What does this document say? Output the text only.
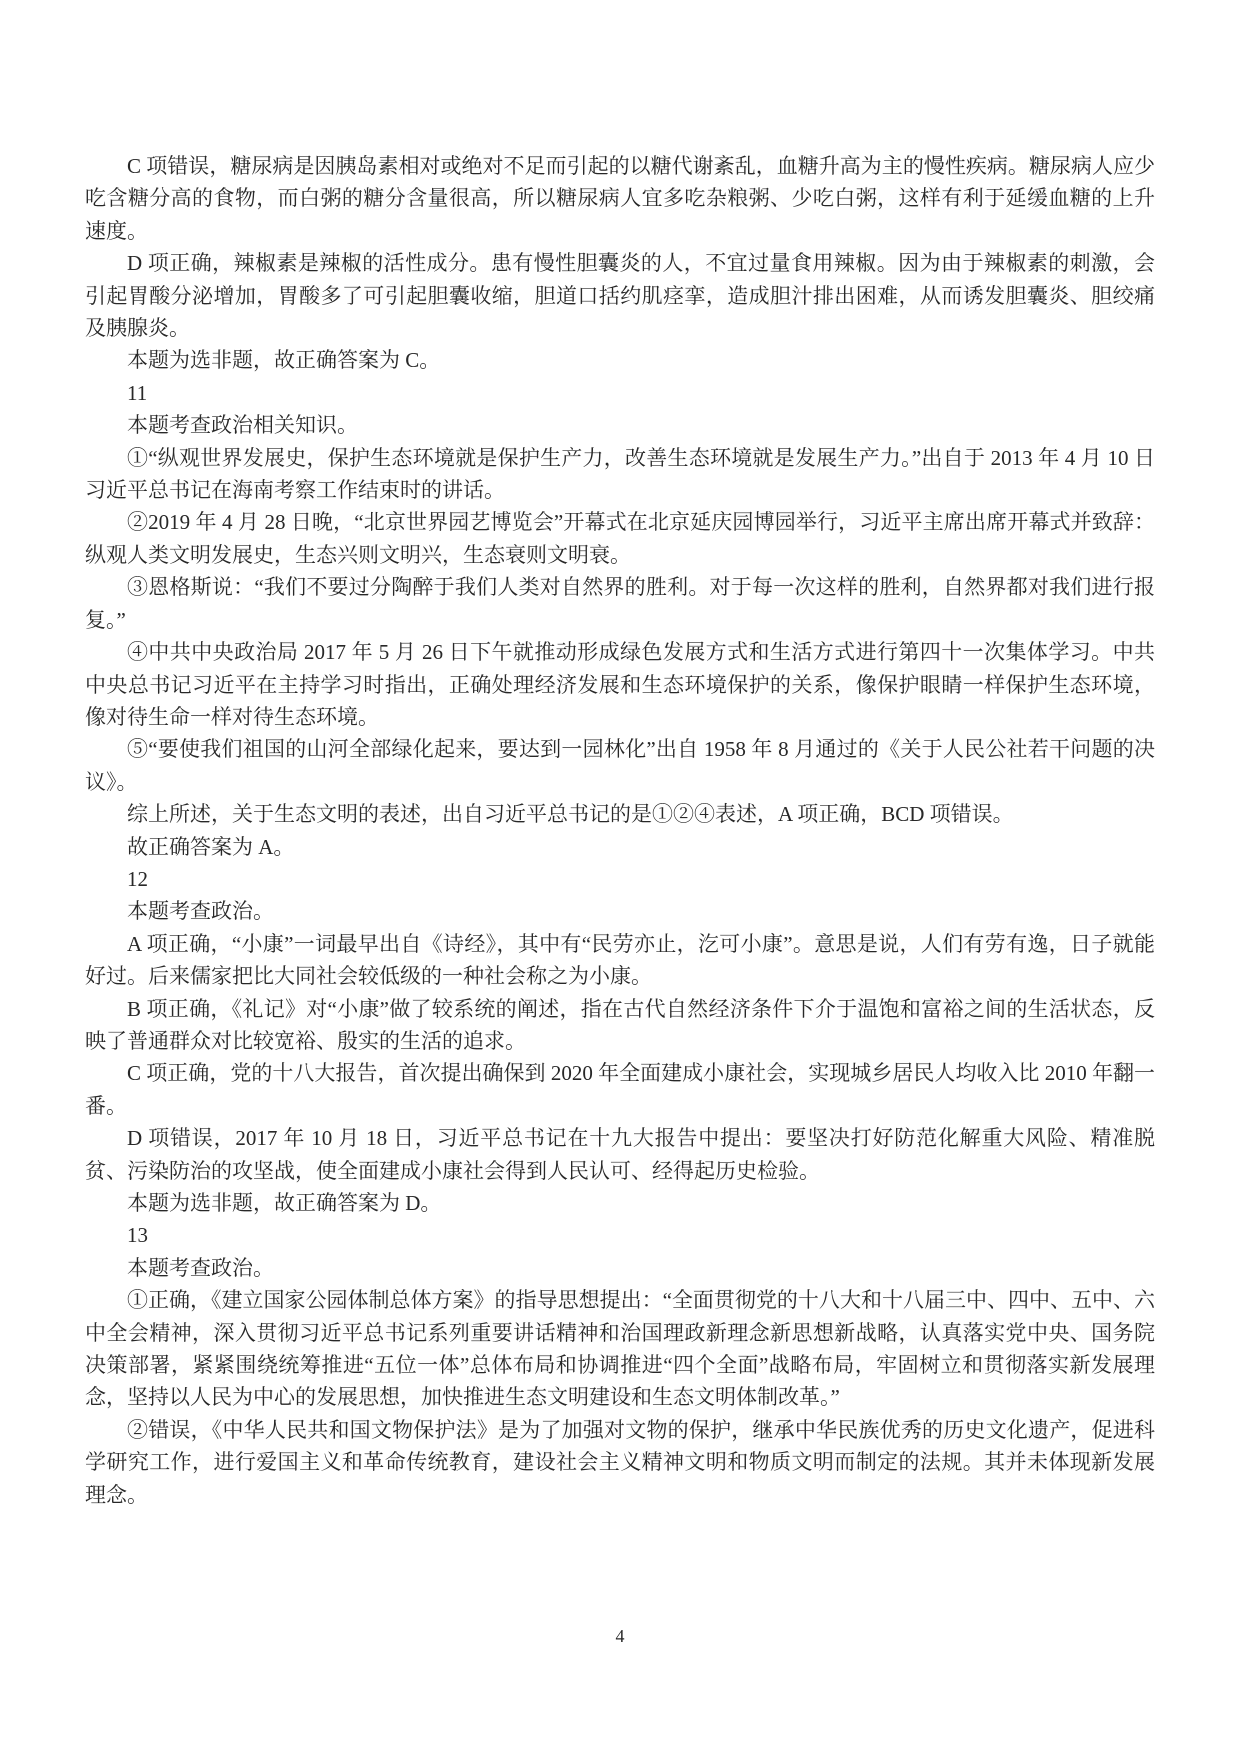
C 项错误，糖尿病是因胰岛素相对或绝对不足而引起的以糖代谢紊乱，血糖升高为主的慢性疾病。糖尿病人应少吃含糖分高的食物，而白粥的糖分含量很高，所以糖尿病人宜多吃杂粮粥、少吃白粥，这样有利于延缓血糖的上升速度。

D 项正确，辣椒素是辣椒的活性成分。患有慢性胆囊炎的人，不宜过量食用辣椒。因为由于辣椒素的刺激，会引起胃酸分泌增加，胃酸多了可引起胆囊收缩，胆道口括约肌痉挛，造成胆汁排出困难，从而诱发胆囊炎、胆绞痛及胰腺炎。

本题为选非题，故正确答案为 C。

11

本题考查政治相关知识。

①“纵观世界发展史，保护生态环境就是保护生产力，改善生态环境就是发展生产力。”出自于 2013 年 4 月 10 日习近平总书记在海南考察工作结束时的讲话。

②2019 年 4 月 28 日晚，“北京世界园艺博览会”开幕式在北京延庆园博园举行，习近平主席出席开幕式并致辞：纵观人类文明发展史，生态兴则文明兴，生态衰则文明衰。

③恩格斯说：“我们不要过分陶醉于我们人类对自然界的胜利。对于每一次这样的胜利，自然界都对我们进行报复。”

④中共中央政治局 2017 年 5 月 26 日下午就推动形成绿色发展方式和生活方式进行第四十一次集体学习。中共中央总书记习近平在主持学习时指出，正确处理经济发展和生态环境保护的关系，像保护眼睛一样保护生态环境，像对待生命一样对待生态环境。

⑤“要使我们祖国的山河全部绿化起来，要达到一园林化”出自 1958 年 8 月通过的《关于人民公社若干问题的决议》。

综上所述，关于生态文明的表述，出自习近平总书记的是①②④表述，A 项正确，BCD 项错误。

故正确答案为 A。

12

本题考查政治。

A 项正确，“小康”一词最早出自《诗经》，其中有“民劳亦止，汔可小康”。意思是说，人们有劳有逸，日子就能好过。后来儒家把比大同社会较低级的一种社会称之为小康。

B 项正确，《礼记》对“小康”做了较系统的阐述，指在古代自然经济条件下介于温饱和富裕之间的生活状态，反映了普通群众对比较宽裕、殷实的生活的追求。

C 项正确，党的十八大报告，首次提出确保到 2020 年全面建成小康社会，实现城乡居民人均收入比 2010 年翻一番。

D 项错误，2017 年 10 月 18 日，习近平总书记在十九大报告中提出：要坚决打好防范化解重大风险、精准脱贫、污染防治的攻坚战，使全面建成小康社会得到人民认可、经得起历史检验。

本题为选非题，故正确答案为 D。

13

本题考查政治。

①正确，《建立国家公园体制总体方案》的指导思想提出：“全面贯彻党的十八大和十八届三中、四中、五中、六中全会精神，深入贯彻习近平总书记系列重要讲话精神和治国理政新理念新思想新战略，认真落实党中央、国务院决策部署，紧紧围绕统筹推进“五位一体”总体布局和协调推进“四个全面”战略布局，牢固树立和贯彻落实新发展理念，坚持以人民为中心的发展思想，加快推进生态文明建设和生态文明体制改革。”

②错误，《中华人民共和国文物保护法》是为了加强对文物的保护，继承中华民族优秀的历史文化遗产，促进科学研究工作，进行爱国主义和革命传统教育，建设社会主义精神文明和物质文明而制定的法规。其并未体现新发展理念。

4
